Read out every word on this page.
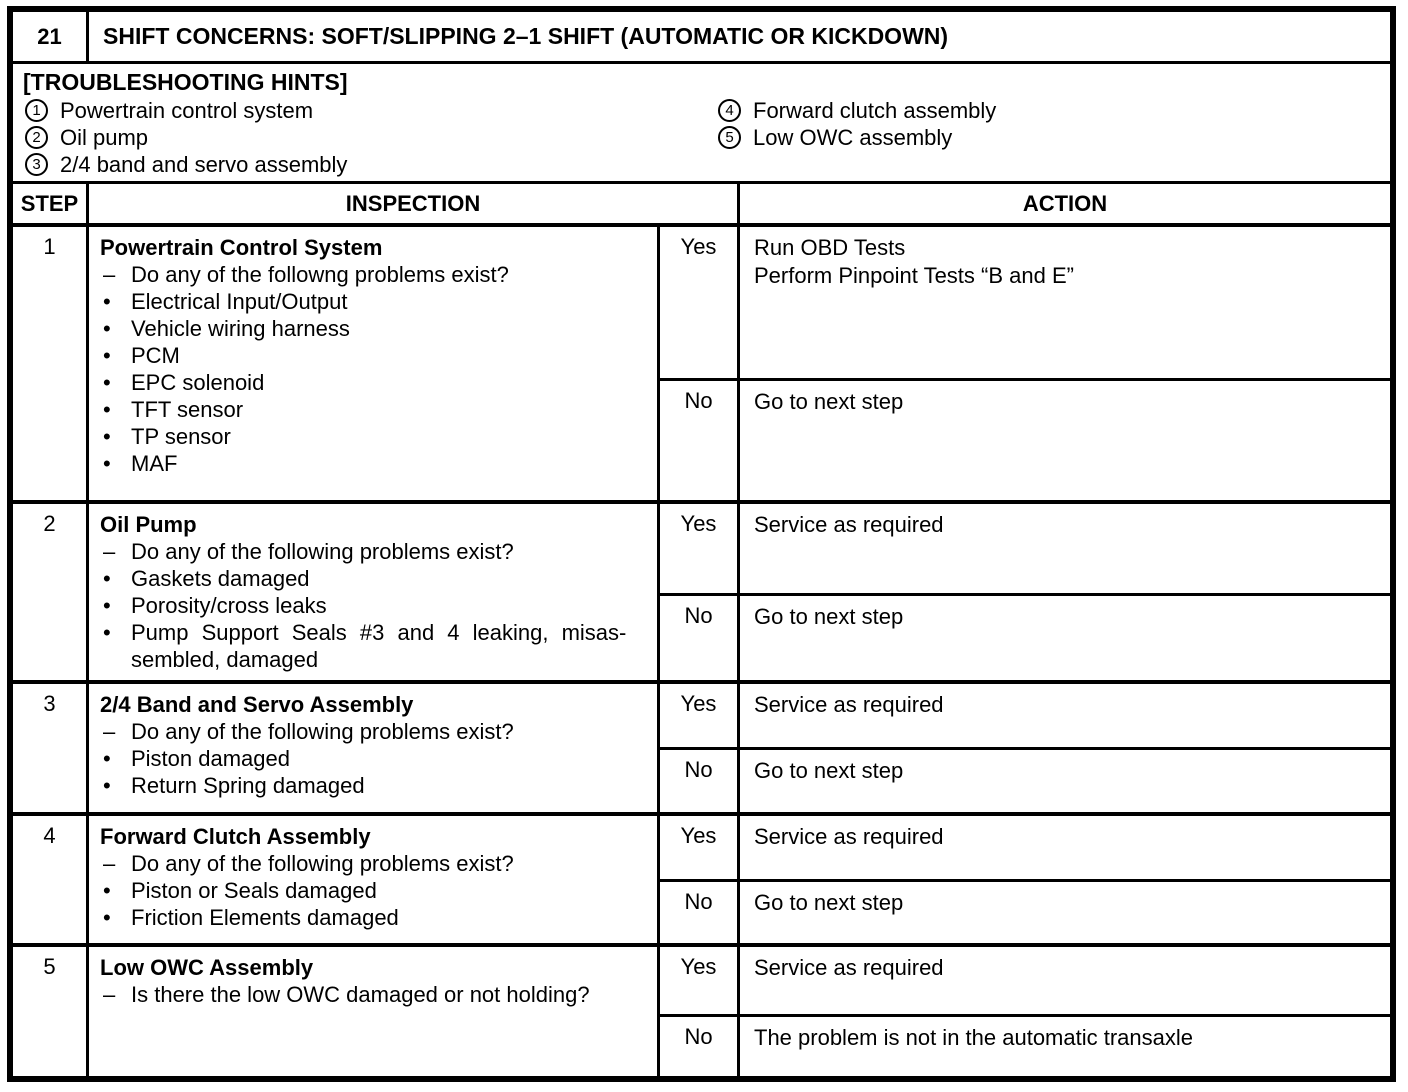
21	SHIFT CONCERNS: SOFT/SLIPPING 2–1 SHIFT (AUTOMATIC OR KICKDOWN)
[TROUBLESHOOTING HINTS]
1 Powertrain control system
2 Oil pump
3 2/4 band and servo assembly
4 Forward clutch assembly
5 Low OWC assembly
STEP	INSPECTION	ACTION
1	Powertrain Control System
– Do any of the followng problems exist?
• Electrical Input/Output
• Vehicle wiring harness
• PCM
• EPC solenoid
• TFT sensor
• TP sensor
• MAF
Yes	Run OBD Tests
Perform Pinpoint Tests “B and E”
No	Go to next step
2	Oil Pump
– Do any of the following problems exist?
• Gaskets damaged
• Porosity/cross leaks
• Pump Support Seals #3 and 4 leaking, misas-
sembled, damaged
Yes	Service as required
No	Go to next step
3	2/4 Band and Servo Assembly
– Do any of the following problems exist?
• Piston damaged
• Return Spring damaged
Yes	Service as required
No	Go to next step
4	Forward Clutch Assembly
– Do any of the following problems exist?
• Piston or Seals damaged
• Friction Elements damaged
Yes	Service as required
No	Go to next step
5	Low OWC Assembly
– Is there the low OWC damaged or not holding?
Yes	Service as required
No	The problem is not in the automatic transaxle
